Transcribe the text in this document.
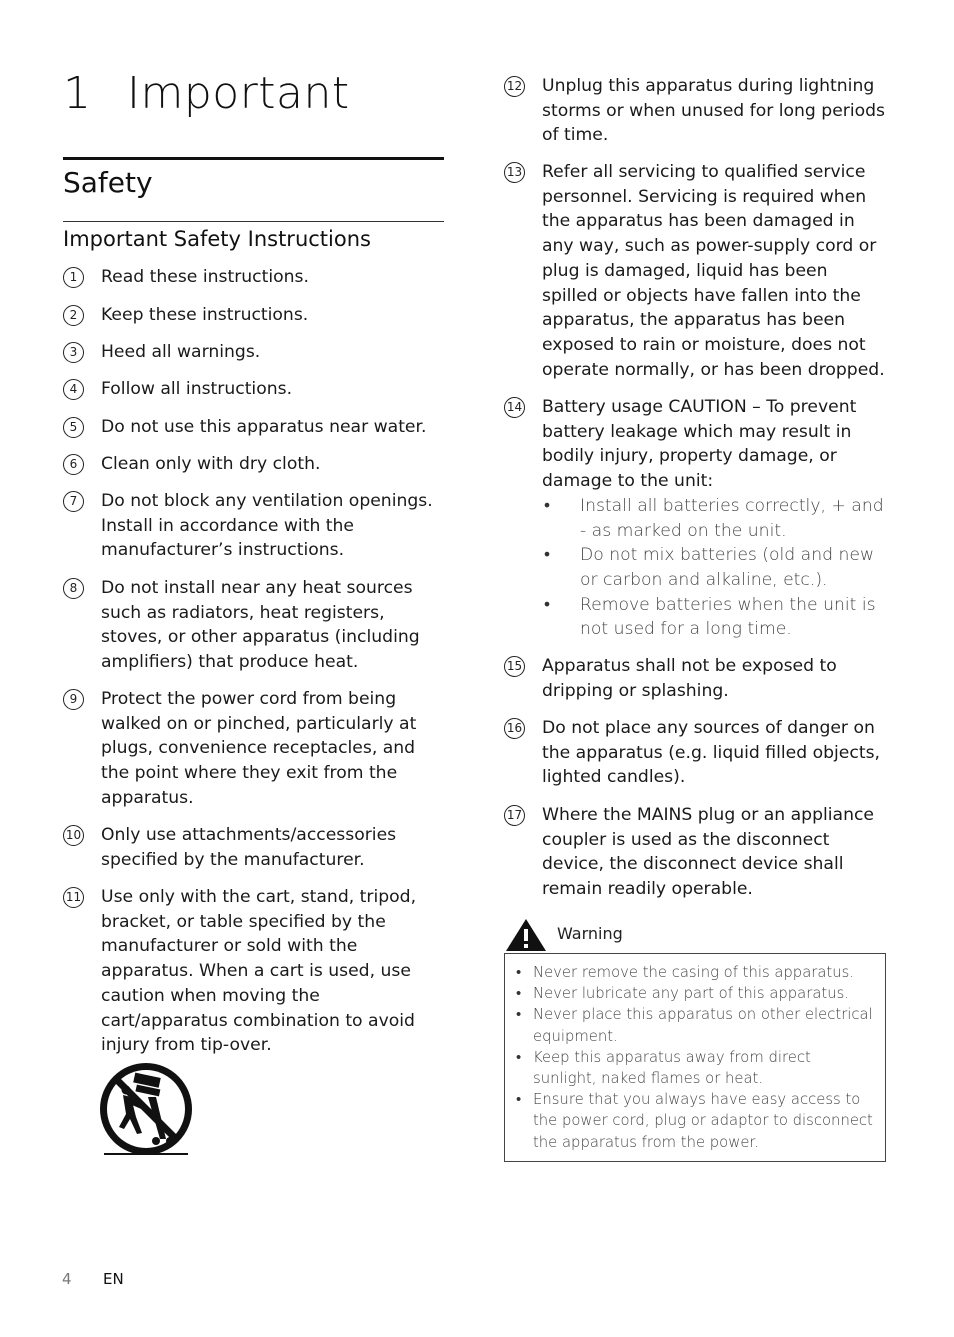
1 Important
Safety
Important Safety Instructions
1	Read these instructions.
2	Keep these instructions.
3	Heed all warnings.
4	Follow all instructions.
5	Do not use this apparatus near water.
6	Clean only with dry cloth.
7	Do not block any ventilation openings. Install in accordance with the manufacturer’s instructions.
8	Do not install near any heat sources such as radiators, heat registers, stoves, or other apparatus (including amplifiers) that produce heat.
9	Protect the power cord from being walked on or pinched, particularly at plugs, convenience receptacles, and the point where they exit from the apparatus.
10 Only use attachments/accessories specified by the manufacturer.
11 Use only with the cart, stand, tripod, bracket, or table specified by the manufacturer or sold with the apparatus. When a cart is used, use caution when moving the cart/apparatus combination to avoid injury from tip-over.
12 Unplug this apparatus during lightning storms or when unused for long periods of time.
13 Refer all servicing to qualified service personnel. Servicing is required when the apparatus has been damaged in any way, such as power-supply cord or plug is damaged, liquid has been spilled or objects have fallen into the apparatus, the apparatus has been exposed to rain or moisture, does not operate normally, or has been dropped.
14 Battery usage CAUTION – To prevent battery leakage which may result in bodily injury, property damage, or damage to the unit:
• Install all batteries correctly, + and - as marked on the unit.
• Do not mix batteries (old and new or carbon and alkaline, etc.).
• Remove batteries when the unit is not used for a long time.
15 Apparatus shall not be exposed to dripping or splashing.
16 Do not place any sources of danger on the apparatus (e.g. liquid filled objects, lighted candles).
17 Where the MAINS plug or an appliance coupler is used as the disconnect device, the disconnect device shall remain readily operable.
Warning
• Never remove the casing of this apparatus.
• Never lubricate any part of this apparatus.
• Never place this apparatus on other electrical equipment.
• Keep this apparatus away from direct sunlight, naked flames or heat.
• Ensure that you always have easy access to the power cord, plug or adaptor to disconnect the apparatus from the power.
4 EN
